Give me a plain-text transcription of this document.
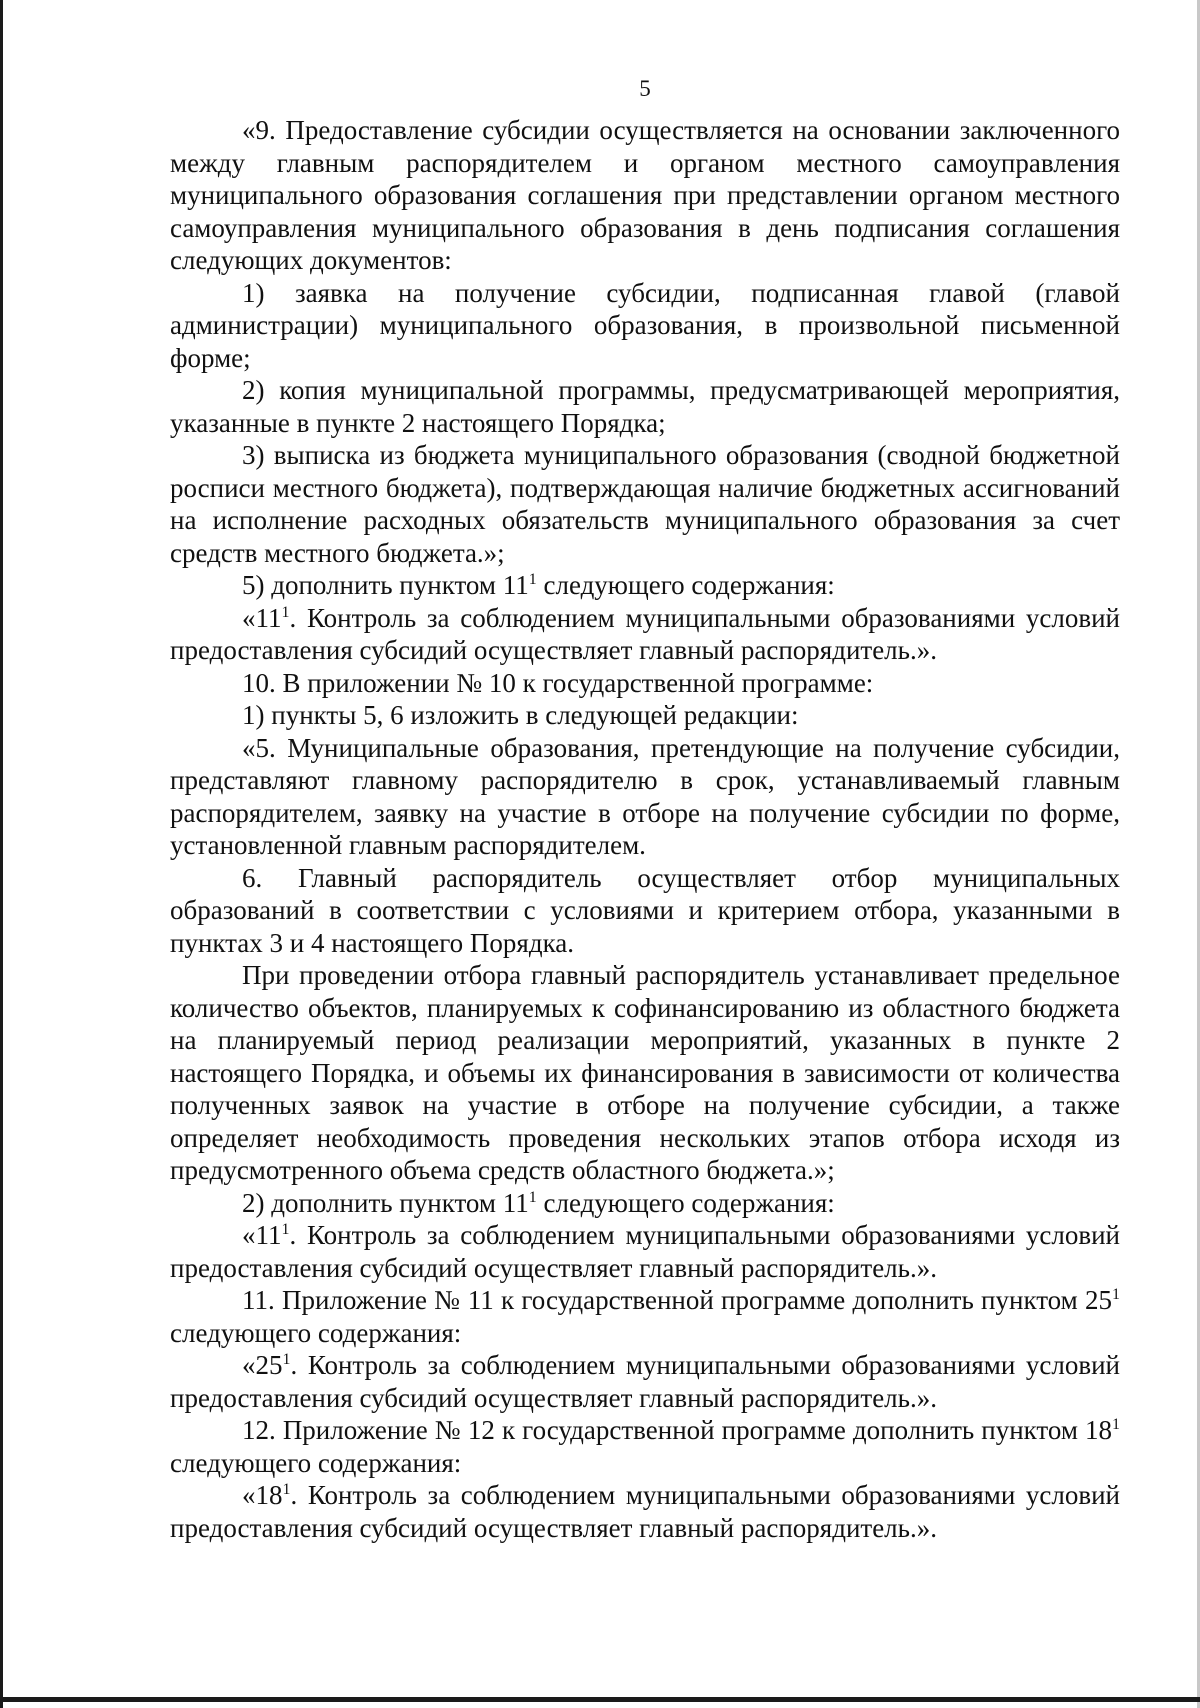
5

«9. Предоставление субсидии осуществляется на основании заключенного между главным распорядителем и органом местного самоуправления муниципального образования соглашения при представлении органом местного самоуправления муниципального образования в день подписания соглашения следующих документов:

1) заявка на получение субсидии, подписанная главой (главой администрации) муниципального образования, в произвольной письменной форме;

2) копия муниципальной программы, предусматривающей мероприятия, указанные в пункте 2 настоящего Порядка;

3) выписка из бюджета муниципального образования (сводной бюджетной росписи местного бюджета), подтверждающая наличие бюджетных ассигнований на исполнение расходных обязательств муниципального образования за счет средств местного бюджета.»;

5) дополнить пунктом $11^1$ следующего содержания:

«$11^1$. Контроль за соблюдением муниципальными образованиями условий предоставления субсидий осуществляет главный распорядитель.».

10. В приложении № 10 к государственной программе:

1) пункты 5, 6 изложить в следующей редакции:

«5. Муниципальные образования, претендующие на получение субсидии, представляют главному распорядителю в срок, устанавливаемый главным распорядителем, заявку на участие в отборе на получение субсидии по форме, установленной главным распорядителем.

6. Главный распорядитель осуществляет отбор муниципальных образований в соответствии с условиями и критерием отбора, указанными в пунктах 3 и 4 настоящего Порядка.

При проведении отбора главный распорядитель устанавливает предельное количество объектов, планируемых к софинансированию из областного бюджета на планируемый период реализации мероприятий, указанных в пункте 2 настоящего Порядка, и объемы их финансирования в зависимости от количества полученных заявок на участие в отборе на получение субсидии, а также определяет необходимость проведения нескольких этапов отбора исходя из предусмотренного объема средств областного бюджета.»;

2) дополнить пунктом $11^1$ следующего содержания:

«$11^1$. Контроль за соблюдением муниципальными образованиями условий предоставления субсидий осуществляет главный распорядитель.».

11. Приложение № 11 к государственной программе дополнить пунктом $25^1$ следующего содержания:

«$25^1$. Контроль за соблюдением муниципальными образованиями условий предоставления субсидий осуществляет главный распорядитель.».

12. Приложение № 12 к государственной программе дополнить пунктом $18^1$ следующего содержания:

«$18^1$. Контроль за соблюдением муниципальными образованиями условий предоставления субсидий осуществляет главный распорядитель.».
